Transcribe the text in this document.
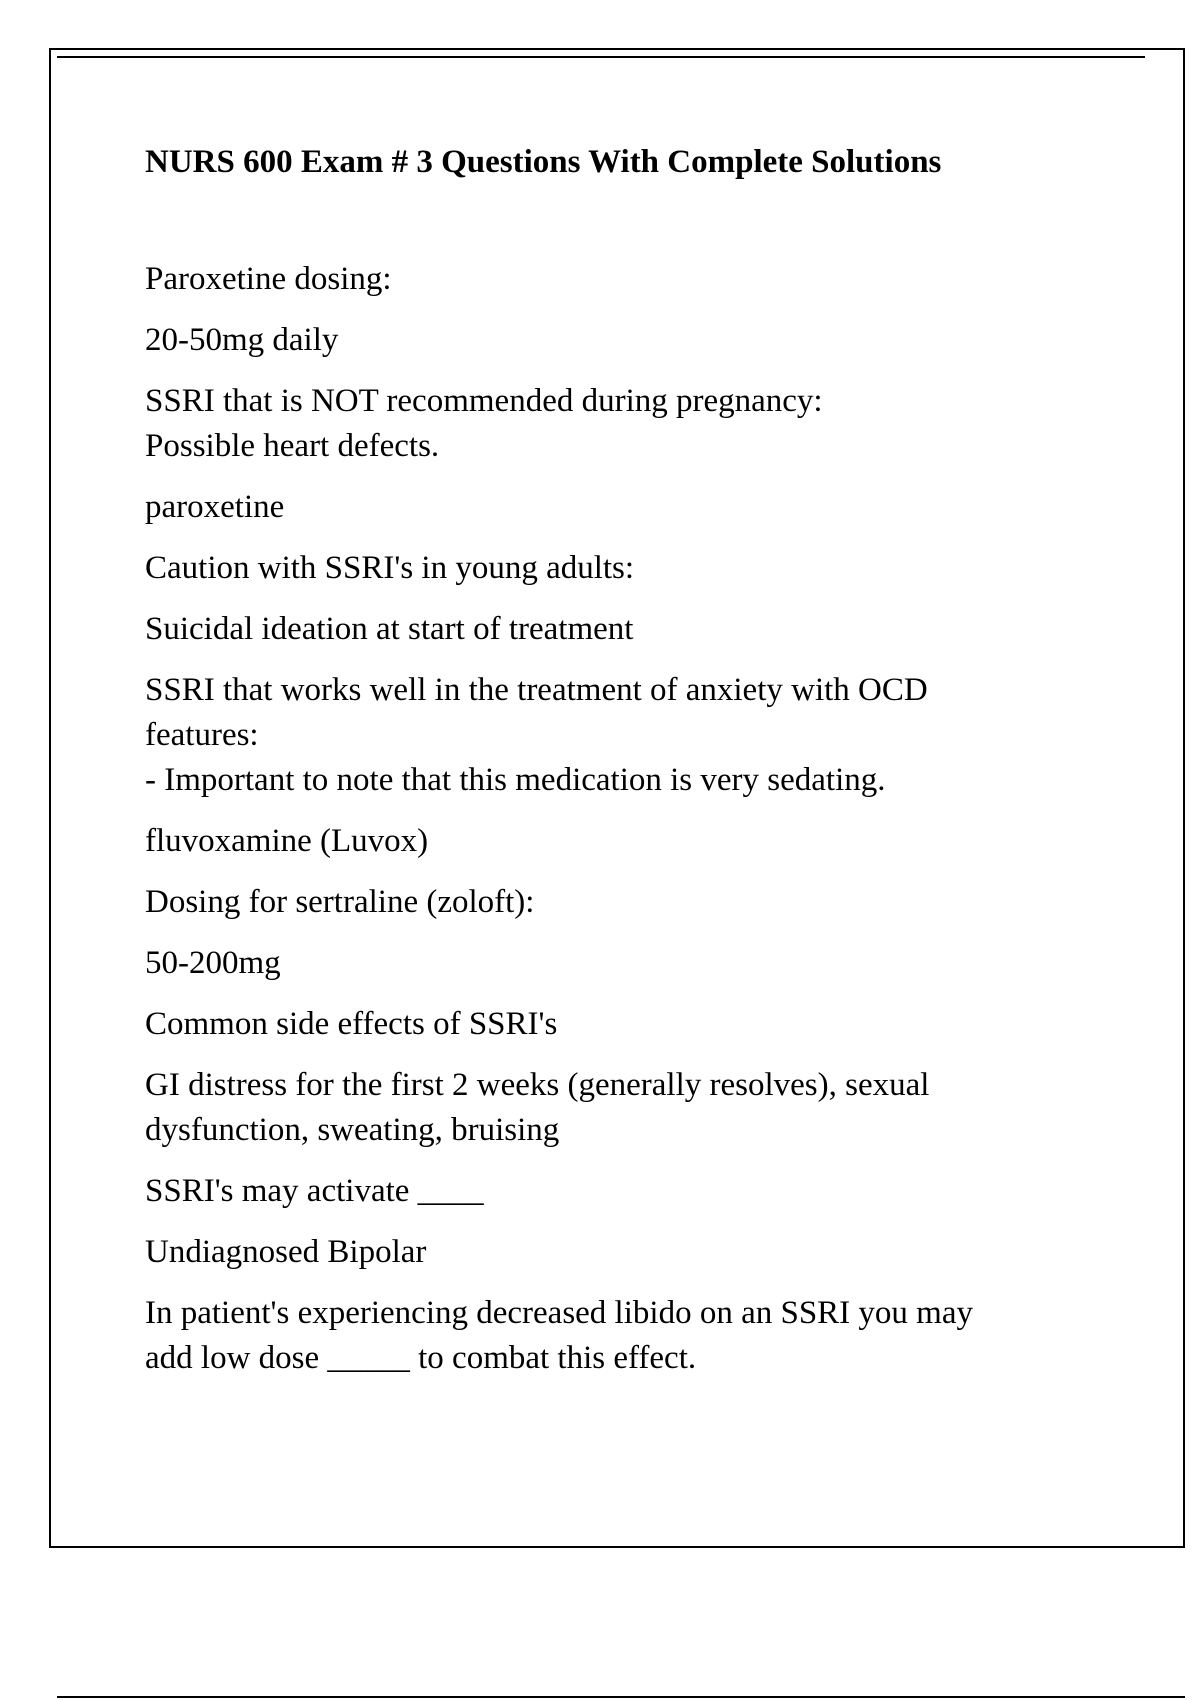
NURS 600 Exam # 3 Questions With Complete Solutions
Paroxetine dosing:
20-50mg daily
SSRI that is NOT recommended during pregnancy:
Possible heart defects.
paroxetine
Caution with SSRI's in young adults:
Suicidal ideation at start of treatment
SSRI that works well in the treatment of anxiety with OCD
features:
- Important to note that this medication is very sedating.
fluvoxamine (Luvox)
Dosing for sertraline (zoloft):
50-200mg
Common side effects of SSRI's
GI distress for the first 2 weeks (generally resolves), sexual
dysfunction, sweating, bruising
SSRI's may activate ____
Undiagnosed Bipolar
In patient's experiencing decreased libido on an SSRI you may
add low dose _____ to combat this effect.
